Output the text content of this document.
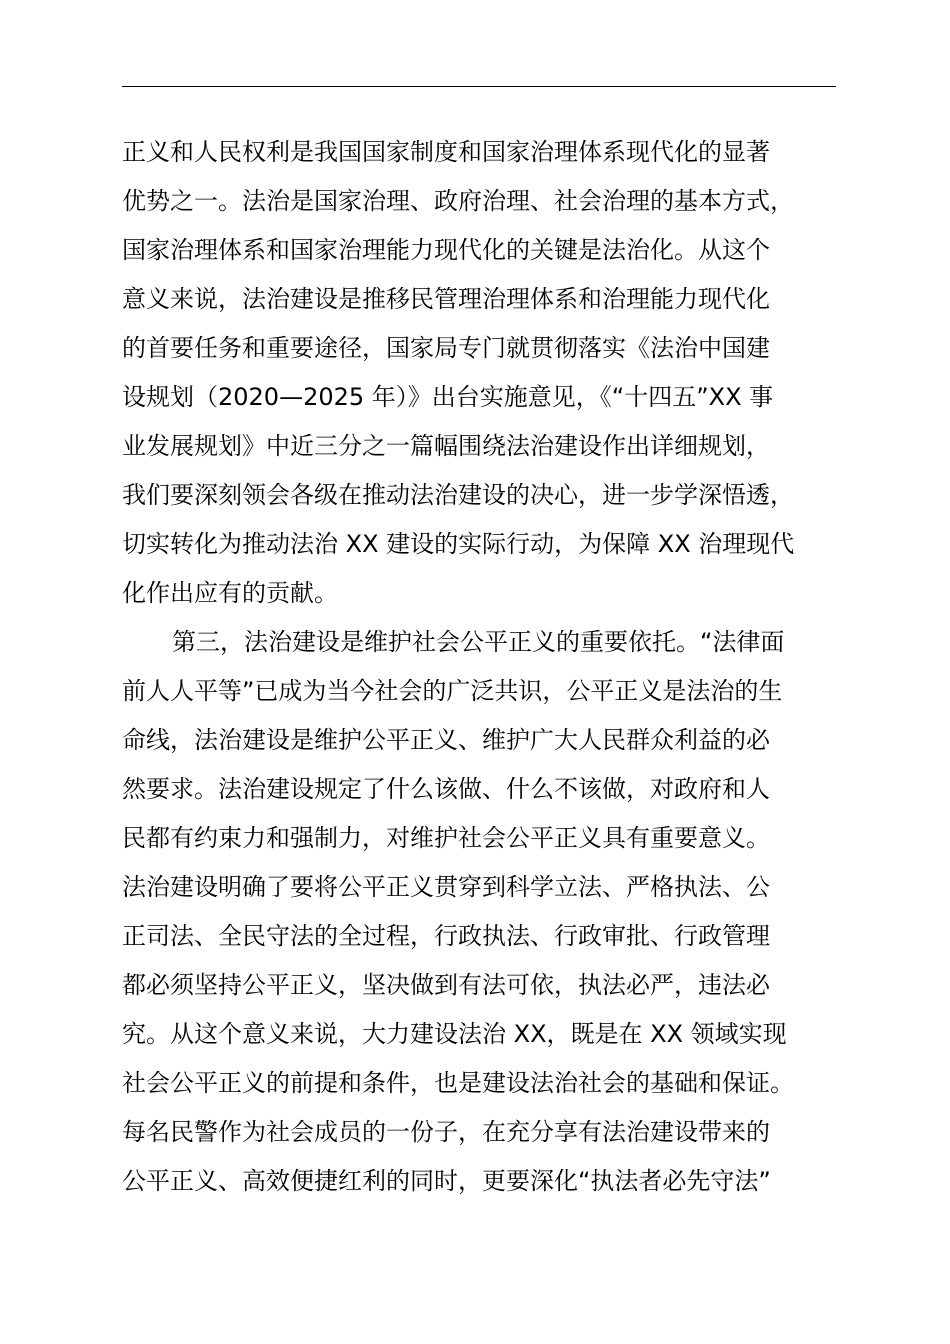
正义和人民权利是我国国家制度和国家治理体系现代化的显著
优势之一。法治是国家治理、政府治理、社会治理的基本方式，
国家治理体系和国家治理能力现代化的关键是法治化。从这个
意义来说，法治建设是推移民管理治理体系和治理能力现代化
的首要任务和重要途径，国家局专门就贯彻落实《法治中国建
设规划（2020—2025 年）》出台实施意见，《“十四五”XX 事
业发展规划》中近三分之一篇幅围绕法治建设作出详细规划，
我们要深刻领会各级在推动法治建设的决心，进一步学深悟透，
切实转化为推动法治 XX 建设的实际行动，为保障 XX 治理现代
化作出应有的贡献。
第三，法治建设是维护社会公平正义的重要依托。“法律面
前人人平等”已成为当今社会的广泛共识，公平正义是法治的生
命线，法治建设是维护公平正义、维护广大人民群众利益的必
然要求。法治建设规定了什么该做、什么不该做，对政府和人
民都有约束力和强制力，对维护社会公平正义具有重要意义。
法治建设明确了要将公平正义贯穿到科学立法、严格执法、公
正司法、全民守法的全过程，行政执法、行政审批、行政管理
都必须坚持公平正义，坚决做到有法可依，执法必严，违法必
究。从这个意义来说，大力建设法治 XX，既是在 XX 领域实现
社会公平正义的前提和条件，也是建设法治社会的基础和保证。
每名民警作为社会成员的一份子，在充分享有法治建设带来的
公平正义、高效便捷红利的同时，更要深化“执法者必先守法”
